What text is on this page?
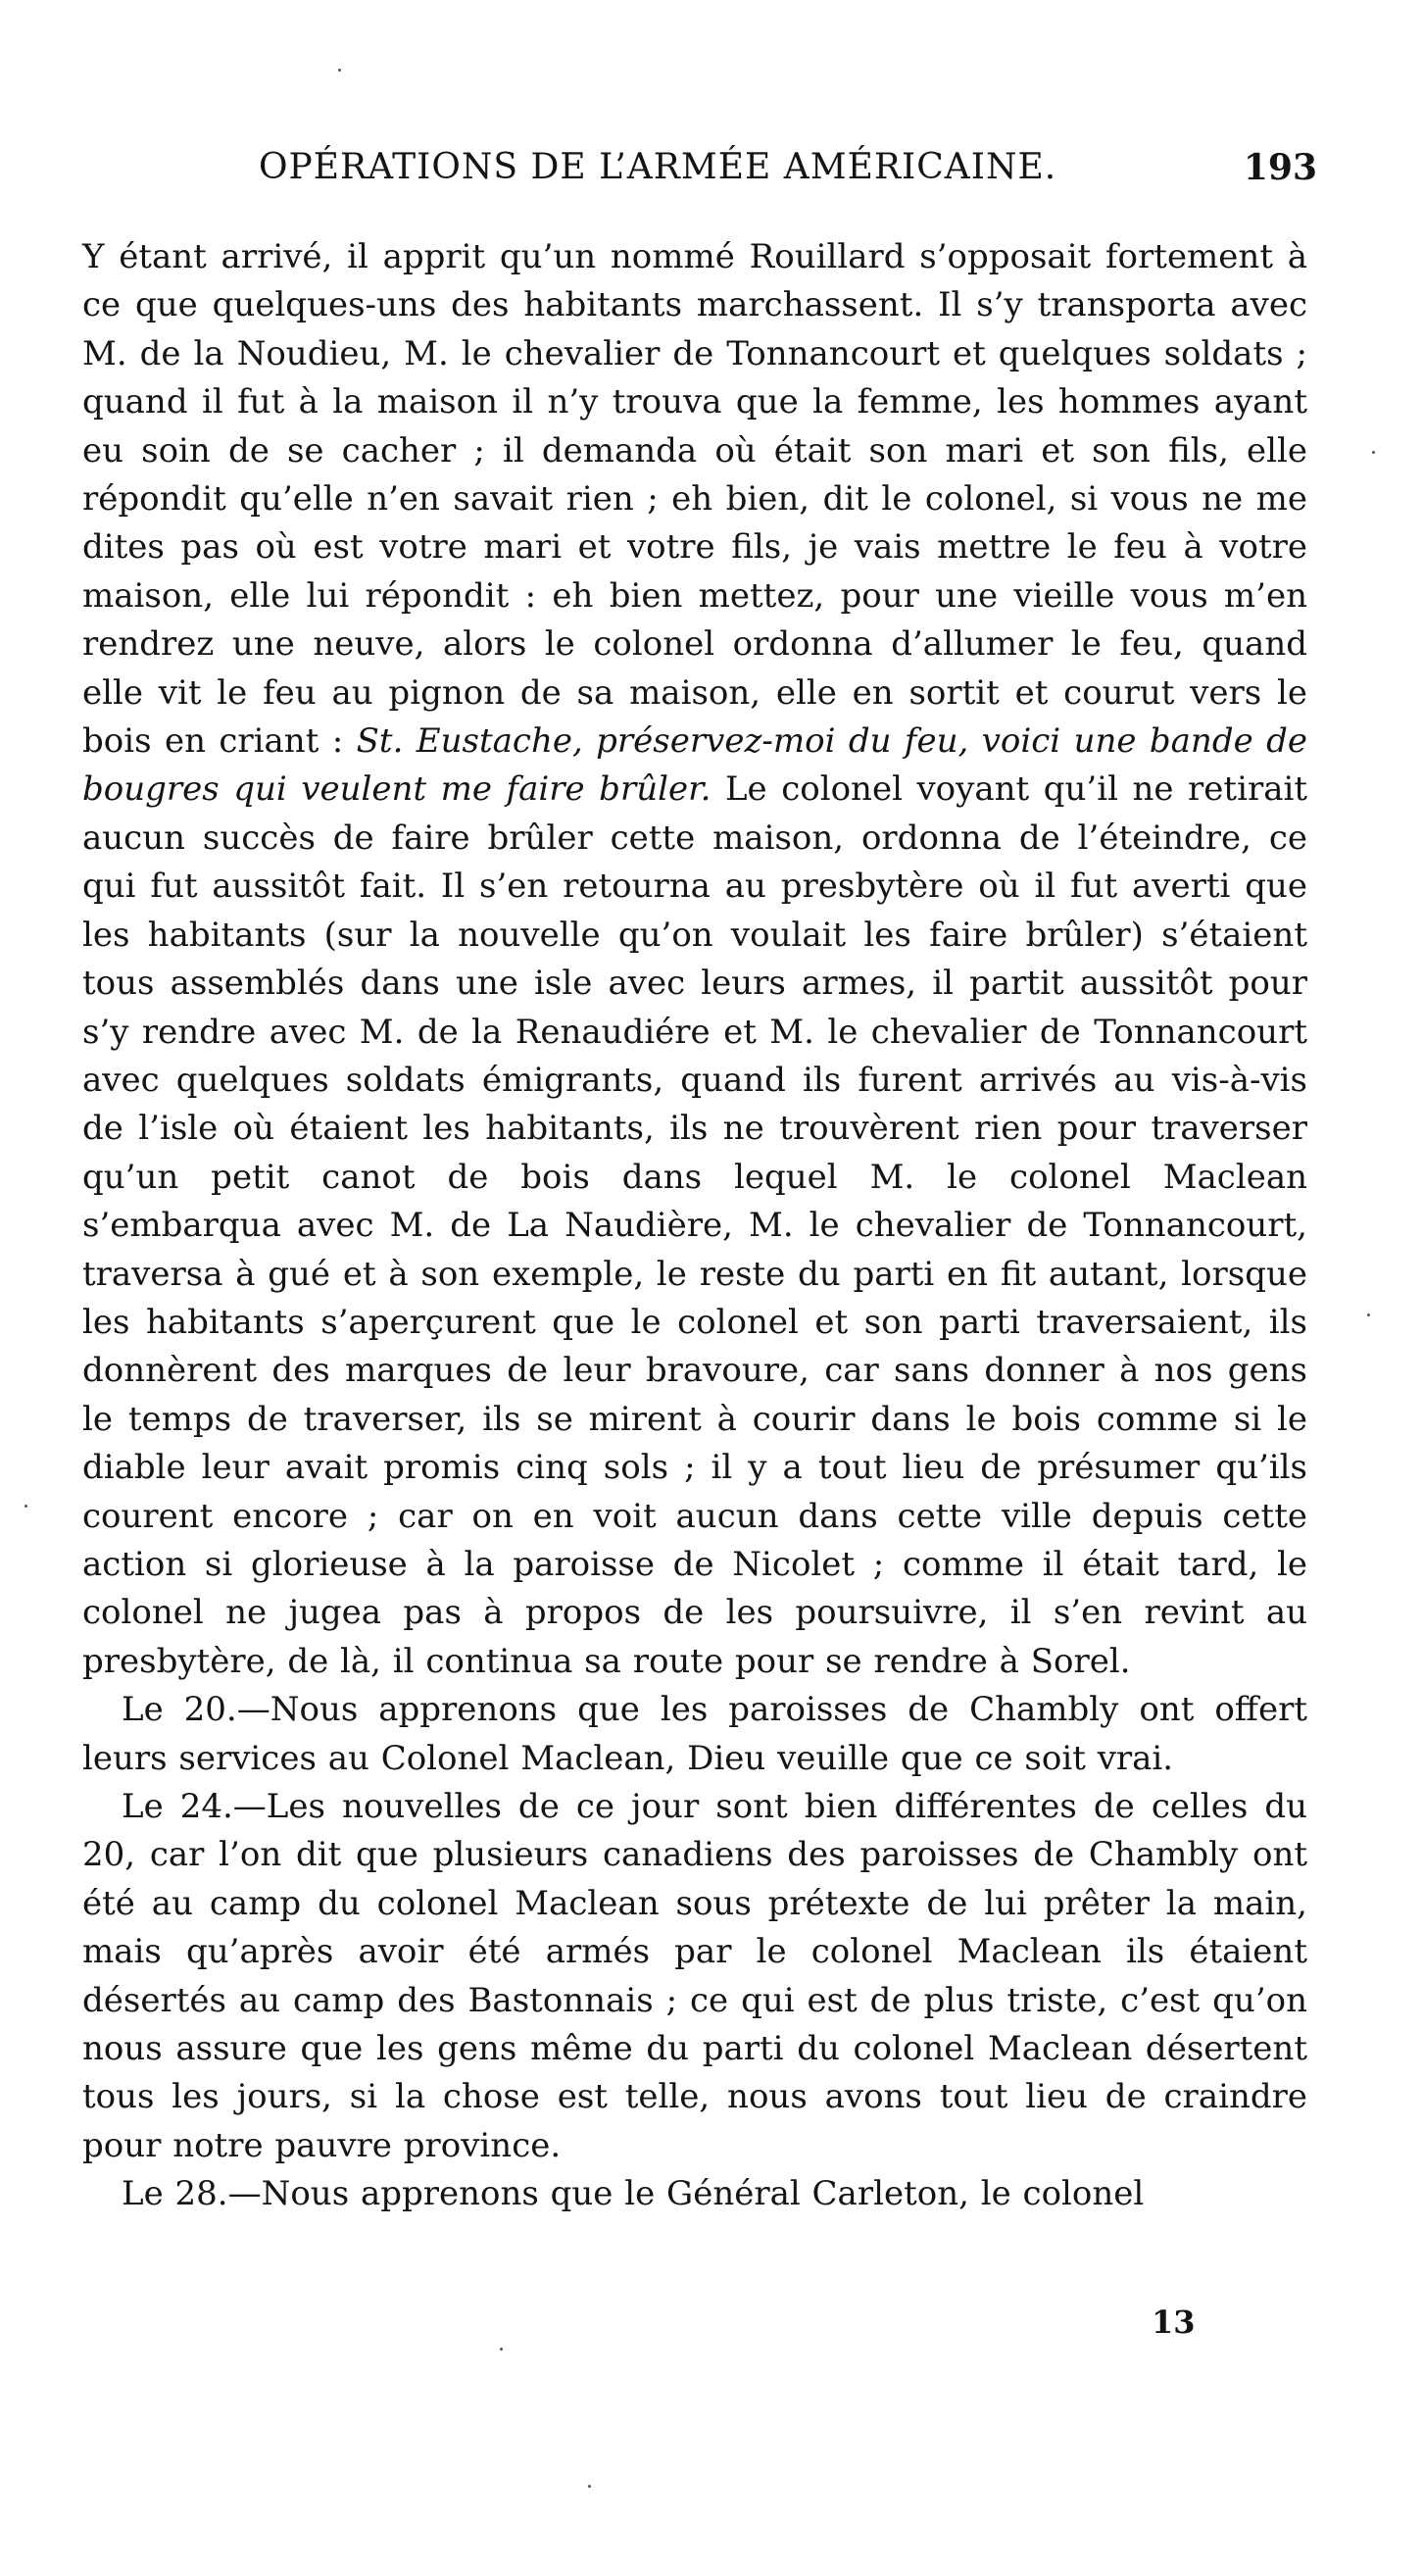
OPÉRATIONS DE L’ARMÉE AMÉRICAINE.	193

Y étant arrivé, il apprit qu’un nommé Rouillard s’opposait fortement à ce que quelques-uns des habitants marchassent. Il s’y transporta avec M. de la Noudieu, M. le chevalier de Tonnancourt et quelques soldats ; quand il fut à la maison il n’y trouva que la femme, les hommes ayant eu soin de se cacher ; il demanda où était son mari et son fils, elle répondit qu’elle n’en savait rien ; eh bien, dit le colonel, si vous ne me dites pas où est votre mari et votre fils, je vais mettre le feu à votre maison, elle lui répondit : eh bien mettez, pour une vieille vous m’en rendrez une neuve, alors le colonel ordonna d’allumer le feu, quand elle vit le feu au pignon de sa maison, elle en sortit et courut vers le bois en criant : St. Eustache, préservez-moi du feu, voici une bande de bougres qui veulent me faire brûler. Le colonel voyant qu’il ne retirait aucun succès de faire brûler cette maison, ordonna de l’éteindre, ce qui fut aussitôt fait. Il s’en retourna au presbytère où il fut averti que les habitants (sur la nouvelle qu’on voulait les faire brûler) s’étaient tous assemblés dans une isle avec leurs armes, il partit aussitôt pour s’y rendre avec M. de la Renaudiére et M. le chevalier de Tonnancourt avec quelques soldats émigrants, quand ils furent arrivés au vis-à-vis de l’isle où étaient les habitants, ils ne trouvèrent rien pour traverser qu’un petit canot de bois dans lequel M. le colonel Maclean s’embarqua avec M. de La Naudière, M. le chevalier de Tonnancourt, traversa à gué et à son exemple, le reste du parti en fit autant, lorsque les habitants s’aperçurent que le colonel et son parti traversaient, ils donnèrent des marques de leur bravoure, car sans donner à nos gens le temps de traverser, ils se mirent à courir dans le bois comme si le diable leur avait promis cinq sols ; il y a tout lieu de présumer qu’ils courent encore ; car on en voit aucun dans cette ville depuis cette action si glorieuse à la paroisse de Nicolet ; comme il était tard, le colonel ne jugea pas à propos de les poursuivre, il s’en revint au presbytère, de là, il continua sa route pour se rendre à Sorel.

Le 20.—Nous apprenons que les paroisses de Chambly ont offert leurs services au Colonel Maclean, Dieu veuille que ce soit vrai.

Le 24.—Les nouvelles de ce jour sont bien différentes de celles du 20, car l’on dit que plusieurs canadiens des paroisses de Chambly ont été au camp du colonel Maclean sous prétexte de lui prêter la main, mais qu’après avoir été armés par le colonel Maclean ils étaient désertés au camp des Bastonnais ; ce qui est de plus triste, c’est qu’on nous assure que les gens même du parti du colonel Maclean désertent tous les jours, si la chose est telle, nous avons tout lieu de craindre pour notre pauvre province.

Le 28.—Nous apprenons que le Général Carleton, le colonel

13
